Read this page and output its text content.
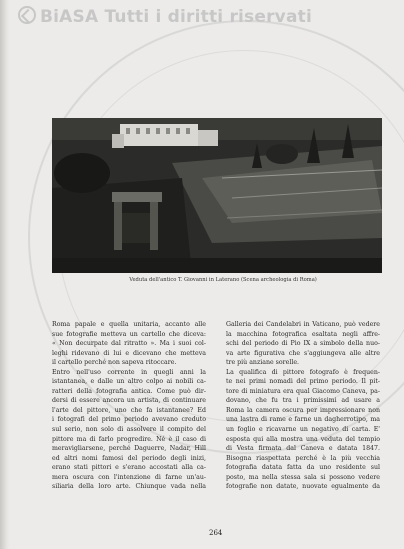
BiASA Tutti i diritti riservati
Veduta dell'antico T. Giovanni in Laterano (Scena archeologia di Roma)
Roma papale e quella unitaria, accanto alle
sue fotografie metteva un cartello che diceva:
« Non decurpate dal ritratto ». Ma i suoi col-
leghi ridevano di lui e dicevano che metteva
il cartello perché non sapeva ritoccare.
Entro nell'uso corrente in quegli anni la
istantanea, e dalle un altro colpo ai nobili ca-
ratteri della fotografia antica. Come può dir-
dersi di essere ancora un artista, di continuare
l'arte del pittore, uno che fa istantanee? Ed
i fotografi del primo periodo avevano creduto
sul serio, non solo di assolvere il compito del
pittore ma di farlo progredire. Né è il caso di
meravigliarsene, perché Daguerre, Nadar, Hill
ed altri nomi famosi del periodo degli inizi,
erano stati pittori e s'erano accostati alla ca-
mera oscura con l'intenzione di farne un'au-
siliaria della loro arte. Chiunque vada nella
Galleria dei Candelabri in Vaticano, può vedere
la macchina fotografica esaltata negli affre-
schi del periodo di Pio IX a simbolo della nuo-
va arte figurativa che s'aggiungeva alle altre
tre più anziane sorelle.
La qualifica di pittore fotografo è frequen-
te nei primi nomadi del primo periodo. Il pit-
tore di miniatura era qual Giacomo Caneva, pa-
dovano, che fu tra i primissimi ad usare a
Roma la camera oscura per impressionare non
una lastra di rame e farne un dagherrotipo, ma
un foglio e ricavarne un negativo di carta. E'
esposta qui alla mostra una veduta del tempio
di Vesta firmata dal Caneva e datata 1847.
Bisogna riaspettata perché è la più vecchia
fotografia datata fatta da uno residente sul
posto, ma nella stessa sala si possono vedere
fotografie non datate, nuovate egualmente da
264
